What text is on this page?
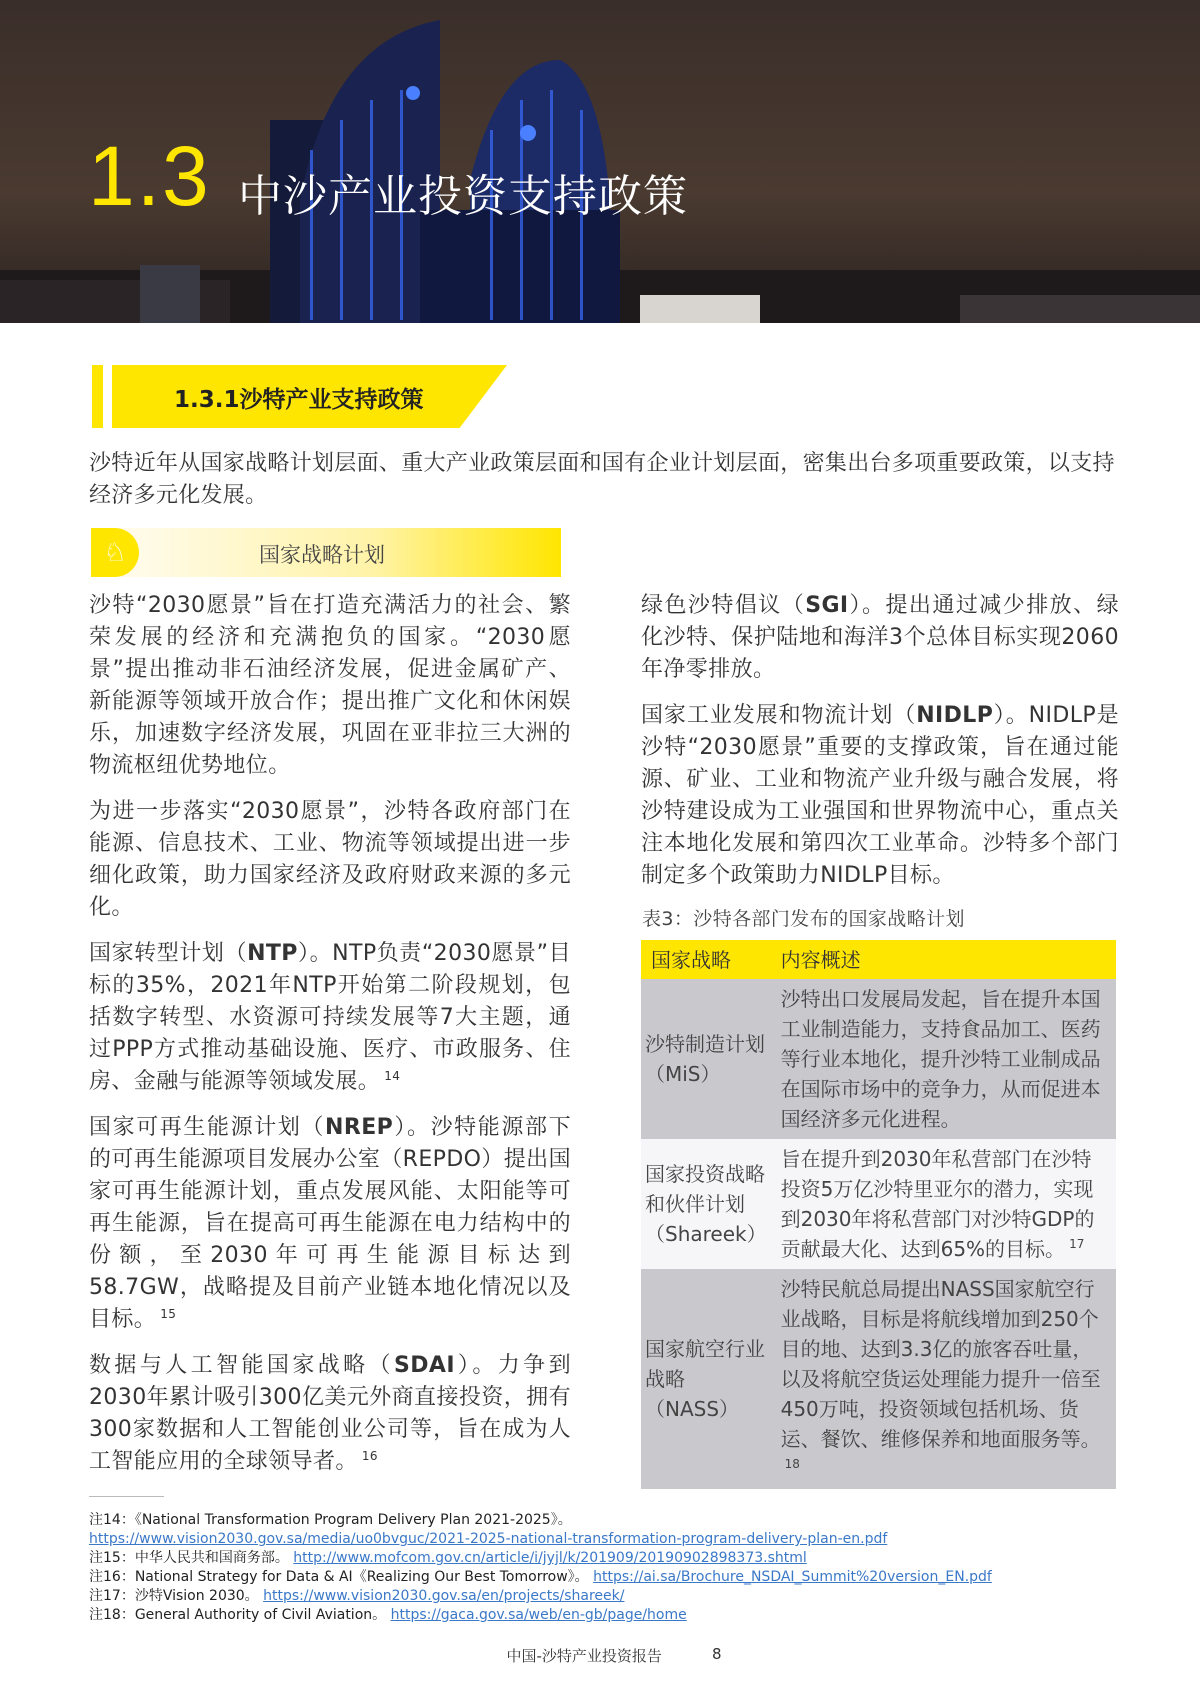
1.3 中沙产业投资支持政策
1.3.1沙特产业支持政策

沙特近年从国家战略计划层面、重大产业政策层面和国有企业计划层面，密集出台多项重要政策，以支持经济多元化发展。

♘	国家战略计划

沙特“2030愿景”旨在打造充满活力的社会、繁荣发展的经济和充满抱负的国家。“2030愿景”提出推动非石油经济发展，促进金属矿产、新能源等领域开放合作；提出推广文化和休闲娱乐，加速数字经济发展，巩固在亚非拉三大洲的物流枢纽优势地位。

为进一步落实“2030愿景”，沙特各政府部门在能源、信息技术、工业、物流等领域提出进一步细化政策，助力国家经济及政府财政来源的多元化。

国家转型计划（NTP）。NTP负责“2030愿景”目标的35%，2021年NTP开始第二阶段规划，包括数字转型、水资源可持续发展等7大主题，通过PPP方式推动基础设施、医疗、市政服务、住房、金融与能源等领域发展。 $^{14}$

国家可再生能源计划（NREP）。沙特能源部下的可再生能源项目发展办公室（REPDO）提出国家可再生能源计划，重点发展风能、太阳能等可再生能源，旨在提高可再生能源在电力结构中的份额，至2030年可再生能源目标达到58.7GW，战略提及目前产业链本地化情况以及目标。 $^{15}$

数据与人工智能国家战略（SDAI）。力争到2030年累计吸引300亿美元外商直接投资，拥有300家数据和人工智能创业公司等，旨在成为人工智能应用的全球领导者。 $^{16}$

绿色沙特倡议（SGI）。提出通过减少排放、绿化沙特、保护陆地和海洋3个总体目标实现2060年净零排放。

国家工业发展和物流计划（NIDLP）。NIDLP是沙特“2030愿景”重要的支撑政策，旨在通过能源、矿业、工业和物流产业升级与融合发展，将沙特建设成为工业强国和世界物流中心，重点关注本地化发展和第四次工业革命。沙特多个部门制定多个政策助力NIDLP目标。

表3：沙特各部门发布的国家战略计划
国家战略	内容概述
沙特制造计划（MiS）	沙特出口发展局发起，旨在提升本国工业制造能力，支持食品加工、医药等行业本地化，提升沙特工业制成品在国际市场中的竞争力，从而促进本国经济多元化进程。
国家投资战略和伙伴计划（Shareek）	旨在提升到2030年私营部门在沙特投资5万亿沙特里亚尔的潜力，实现到2030年将私营部门对沙特GDP的贡献最大化、达到65%的目标。 $^{17}$
国家航空行业战略（NASS）	沙特民航总局提出NASS国家航空行业战略，目标是将航线增加到250个目的地、达到3.3亿的旅客吞吐量，以及将航空货运处理能力提升一倍至450万吨，投资领域包括机场、货运、餐饮、维修保养和地面服务等。$^{18}$
注14：《National Transformation Program Delivery Plan 2021-2025》。
https://www.vision2030.gov.sa/media/uo0bvguc/2021-2025-national-transformation-program-delivery-plan-en.pdf
注15：中华人民共和国商务部。 http://www.mofcom.gov.cn/article/i/jyjl/k/201909/20190902898373.shtml
注16：National Strategy for Data & AI《Realizing Our Best Tomorrow》。 https://ai.sa/Brochure_NSDAI_Summit%20version_EN.pdf
注17：沙特Vision 2030。 https://www.vision2030.gov.sa/en/projects/shareek/
注18：General Authority of Civil Aviation。 https://gaca.gov.sa/web/en-gb/page/home
中国-沙特产业投资报告	8
